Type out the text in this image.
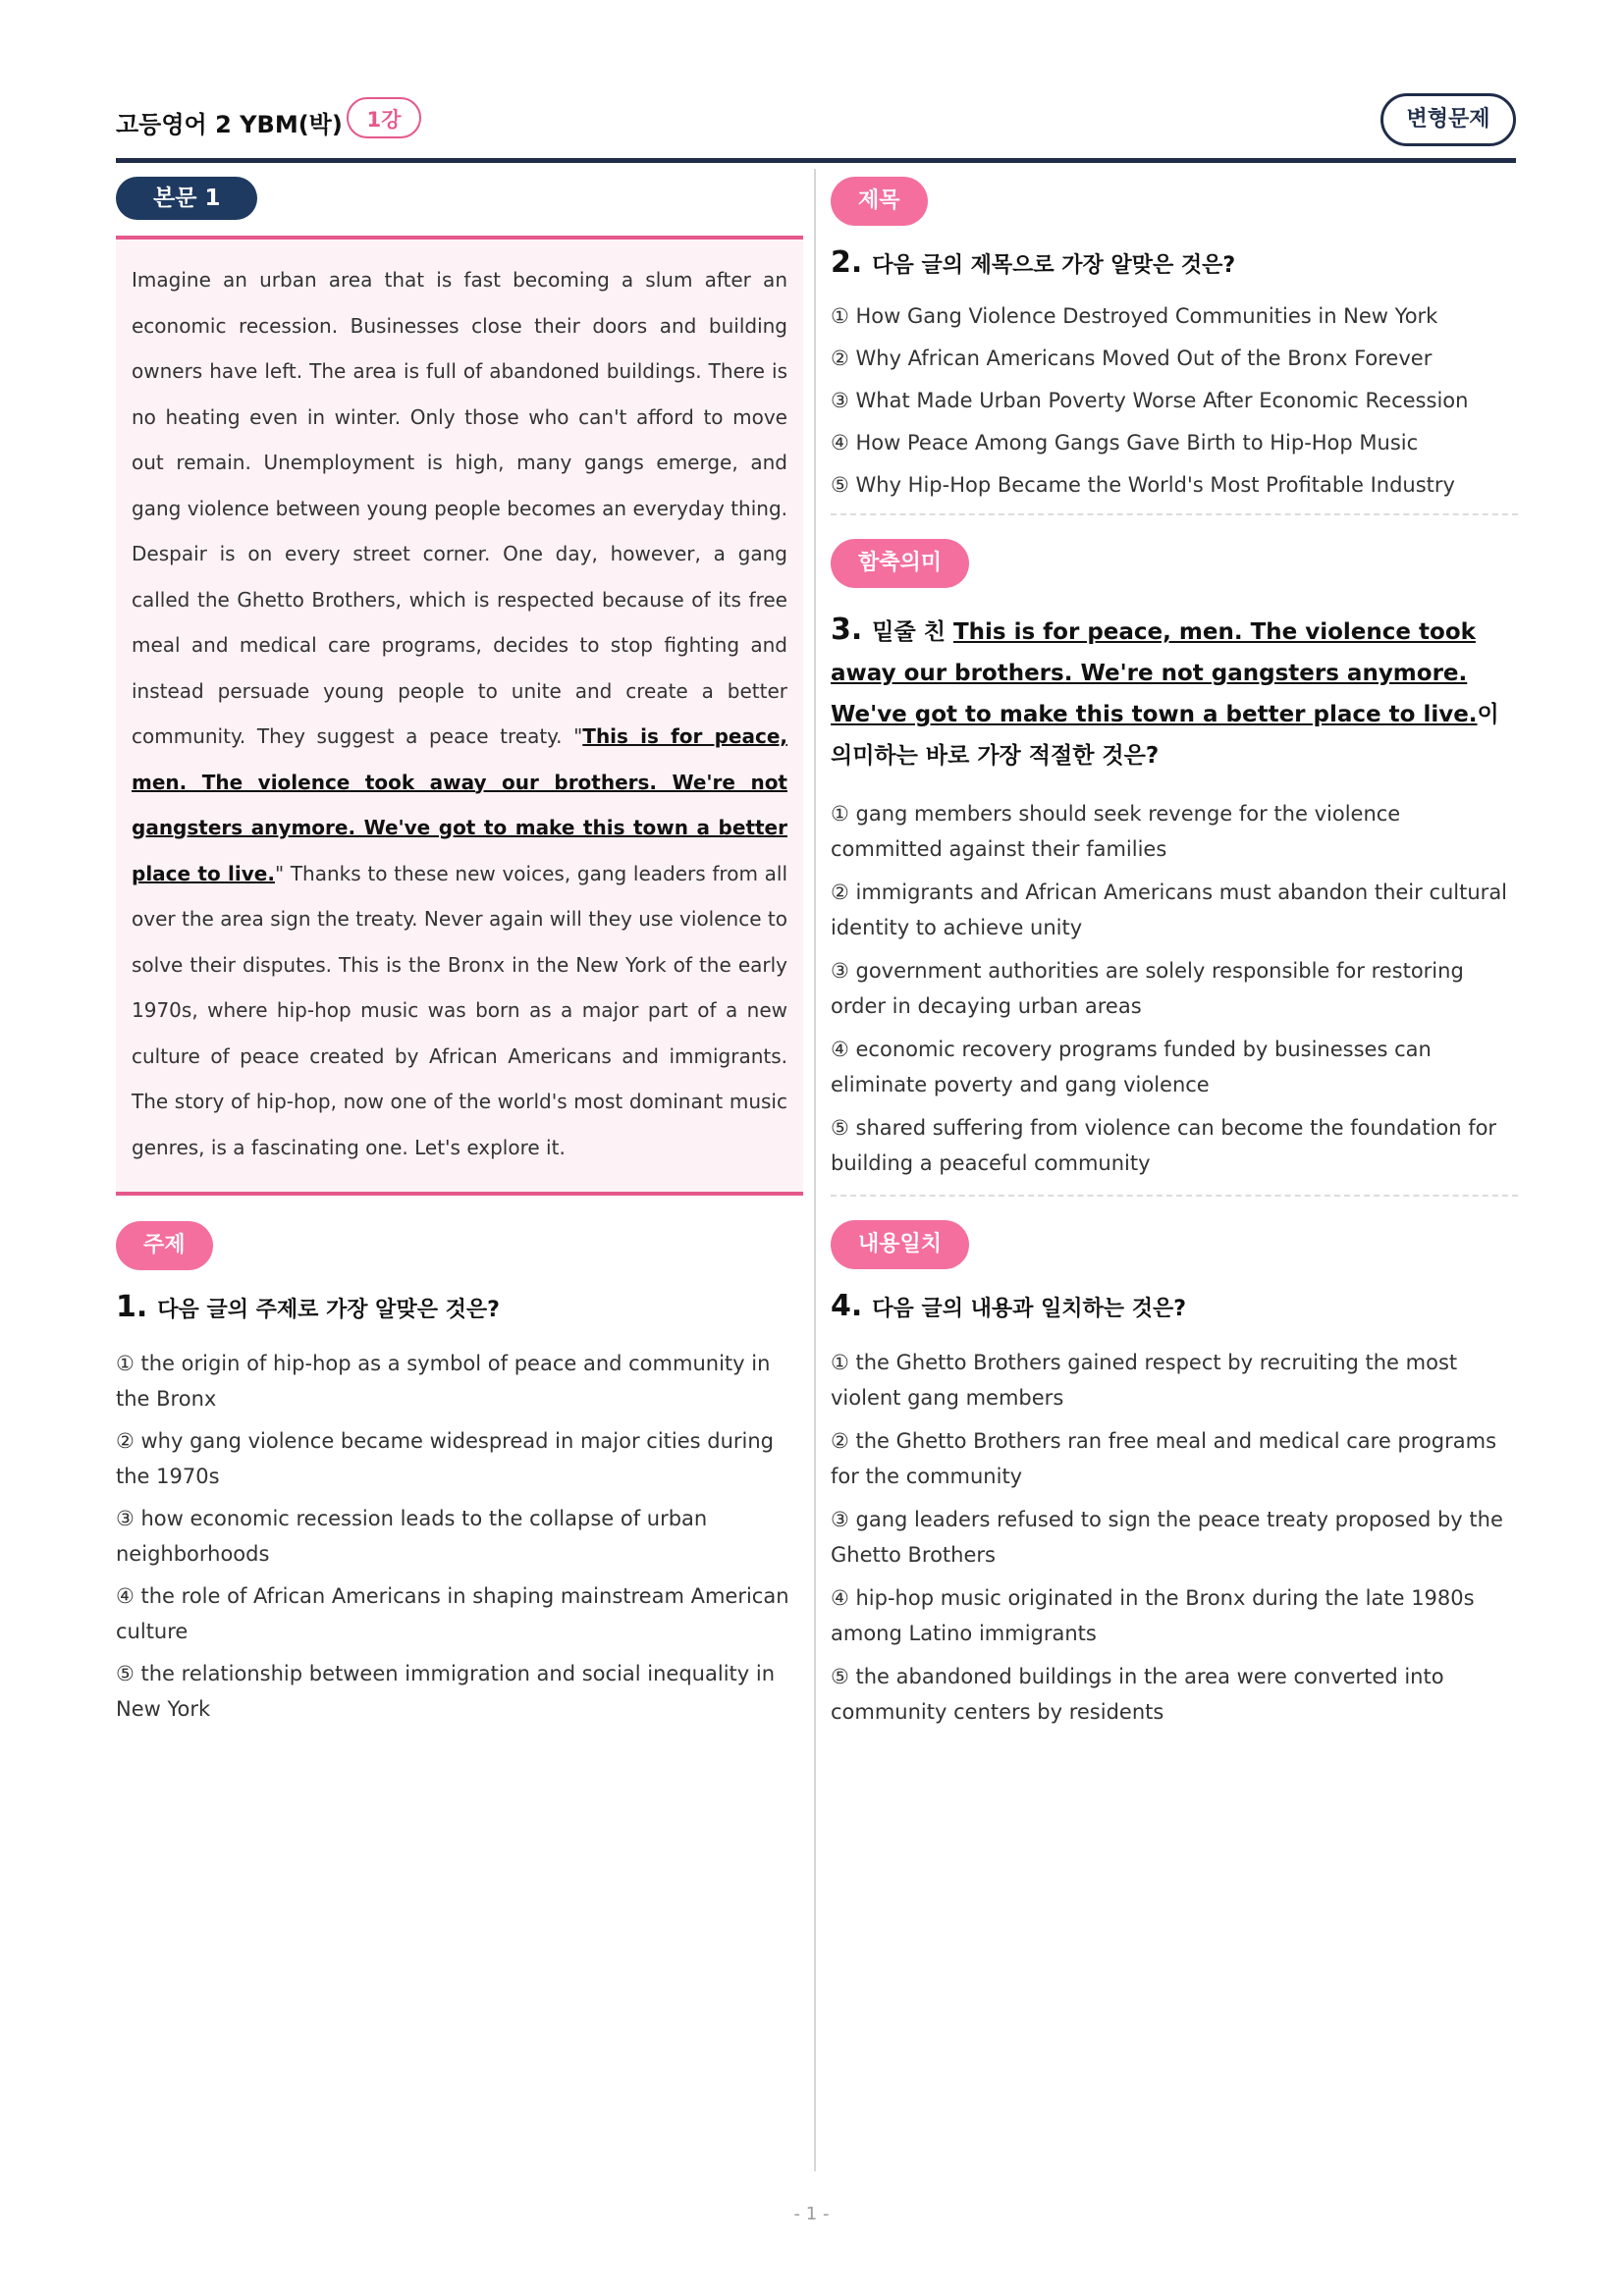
고등영어 2 YBM(박)	1강	변형문제
본문 1

Imagine an urban area that is fast becoming a slum after an economic recession. Businesses close their doors and building owners have left. The area is full of abandoned buildings. There is no heating even in winter. Only those who can't afford to move out remain. Unemployment is high, many gangs emerge, and gang violence between young people becomes an everyday thing. Despair is on every street corner. One day, however, a gang called the Ghetto Brothers, which is respected because of its free meal and medical care programs, decides to stop fighting and instead persuade young people to unite and create a better community. They suggest a peace treaty. "This is for peace, men. The violence took away our brothers. We're not gangsters anymore. We've got to make this town a better place to live." Thanks to these new voices, gang leaders from all over the area sign the treaty. Never again will they use violence to solve their disputes. This is the Bronx in the New York of the early 1970s, where hip-hop music was born as a major part of a new culture of peace created by African Americans and immigrants. The story of hip-hop, now one of the world's most dominant music genres, is a fascinating one. Let's explore it.

주제
1. 다음 글의 주제로 가장 알맞은 것은?
① the origin of hip-hop as a symbol of peace and community in the Bronx
② why gang violence became widespread in major cities during the 1970s
③ how economic recession leads to the collapse of urban neighborhoods
④ the role of African Americans in shaping mainstream American culture
⑤ the relationship between immigration and social inequality in New York
제목
2. 다음 글의 제목으로 가장 알맞은 것은?
① How Gang Violence Destroyed Communities in New York
② Why African Americans Moved Out of the Bronx Forever
③ What Made Urban Poverty Worse After Economic Recession
④ How Peace Among Gangs Gave Birth to Hip-Hop Music
⑤ Why Hip-Hop Became the World's Most Profitable Industry
함축의미
3. 밑줄 친 This is for peace, men. The violence took away our brothers. We're not gangsters anymore. We've got to make this town a better place to live.이 의미하는 바로 가장 적절한 것은?
① gang members should seek revenge for the violence committed against their families
② immigrants and African Americans must abandon their cultural identity to achieve unity
③ government authorities are solely responsible for restoring order in decaying urban areas
④ economic recovery programs funded by businesses can eliminate poverty and gang violence
⑤ shared suffering from violence can become the foundation for building a peaceful community
내용일치
4. 다음 글의 내용과 일치하는 것은?
① the Ghetto Brothers gained respect by recruiting the most violent gang members
② the Ghetto Brothers ran free meal and medical care programs for the community
③ gang leaders refused to sign the peace treaty proposed by the Ghetto Brothers
④ hip-hop music originated in the Bronx during the late 1980s among Latino immigrants
⑤ the abandoned buildings in the area were converted into community centers by residents
- 1 -
